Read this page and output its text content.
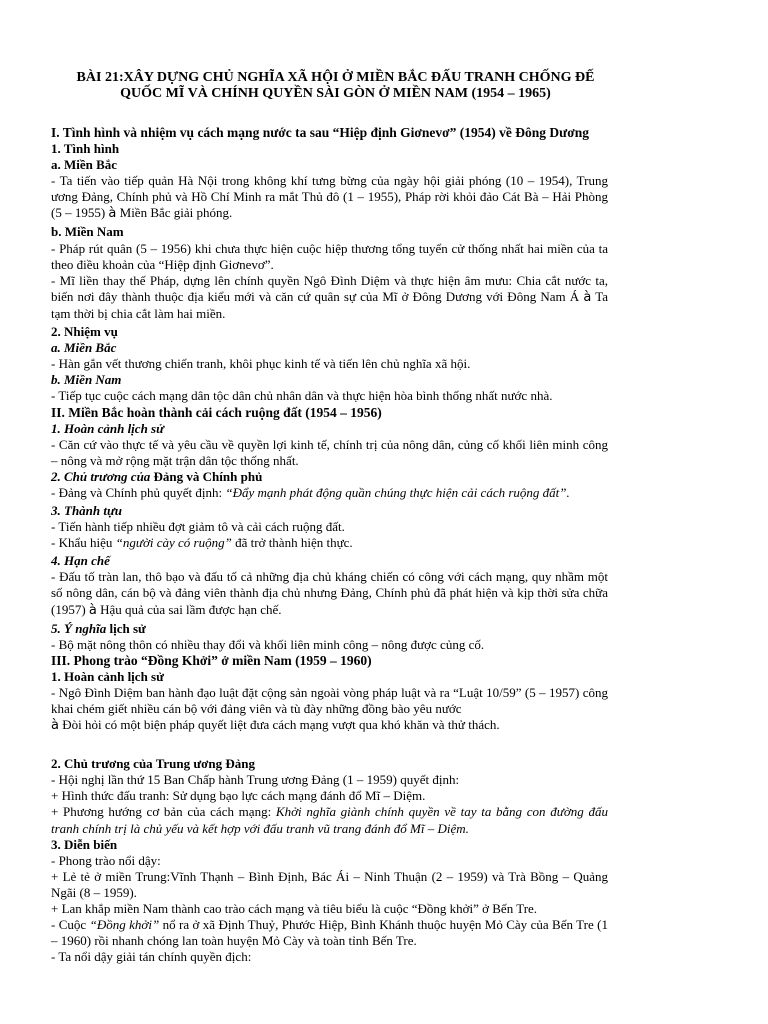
BÀI 21:XÂY DỰNG CHỦ NGHĨA XÃ HỘI Ở MIỀN BẮC ĐẤU TRANH CHỐNG ĐẾ
QUỐC MĨ VÀ CHÍNH QUYỀN SÀI GÒN Ở MIỀN NAM (1954 – 1965)
I. Tình hình và nhiệm vụ cách mạng nước ta sau “Hiệp định Giơnevơ” (1954) về Đông Dương
1. Tình hình
a. Miền Bắc
- Ta tiến vào tiếp quản Hà Nội trong không khí tưng bừng của ngày hội giải phóng (10 – 1954), Trung ương Đảng, Chính phủ và Hồ Chí Minh ra mắt Thủ đô (1 – 1955), Pháp rời khỏi đảo Cát Bà – Hải Phòng (5 – 1955) à Miền Bắc giải phóng.
b. Miền Nam
- Pháp rút quân (5 – 1956) khi chưa thực hiện cuộc hiệp thương tổng tuyển cử thống nhất hai miền của ta theo điều khoản của “Hiệp định Giơnevơ”.
- Mĩ liền thay thế Pháp, dựng lên chính quyền Ngô Đình Diệm và thực hiện âm mưu: Chia cắt nước ta, biến nơi đây thành thuộc địa kiểu mới và căn cứ quân sự của Mĩ ở Đông Dương với Đông Nam Á à Ta tạm thời bị chia cắt làm hai miền.
2. Nhiệm vụ
a. Miền Bắc
- Hàn gắn vết thương chiến tranh, khôi phục kinh tế và tiến lên chủ nghĩa xã hội.
b. Miền Nam
- Tiếp tục cuộc cách mạng dân tộc dân chủ nhân dân và thực hiện hòa bình thống nhất nước nhà.
II. Miền Bắc hoàn thành cải cách ruộng đất (1954 – 1956)
1. Hoàn cảnh lịch sử
- Căn cứ vào thực tế và yêu cầu về quyền lợi kinh tế, chính trị của nông dân, củng cố khối liên minh công – nông và mở rộng mặt trận dân tộc thống nhất.
2. Chủ trương của Đảng và Chính phủ
- Đảng và Chính phủ quyết định: “Đẩy mạnh phát động quần chúng thực hiện cải cách ruộng đất”.
3. Thành tựu
- Tiến hành tiếp nhiều đợt giảm tô và cải cách ruộng đất.
- Khẩu hiệu “người cày có ruộng” đã trở thành hiện thực.
4. Hạn chế
- Đấu tố tràn lan, thô bạo và đấu tố cả những địa chủ kháng chiến có công với cách mạng, quy nhầm một số nông dân, cán bộ và đảng viên thành địa chủ nhưng Đảng, Chính phủ đã phát hiện và kịp thời sửa chữa (1957) à Hậu quả của sai lầm được hạn chế.
5. Ý nghĩa lịch sử
- Bộ mặt nông thôn có nhiều thay đổi và khối liên minh công – nông được củng cố.
III. Phong trào “Đồng Khởi” ở miền Nam (1959 – 1960)
1. Hoàn cảnh lịch sử
- Ngô Đình Diệm ban hành đạo luật đặt cộng sản ngoài vòng pháp luật và ra “Luật 10/59” (5 – 1957) công khai chém giết nhiều cán bộ với đảng viên và tù đày những đồng bào yêu nước
à Đòi hỏi có một biện pháp quyết liệt đưa cách mạng vượt qua khó khăn và thử thách.
2. Chủ trương của Trung ương Đảng
- Hội nghị lần thứ 15 Ban Chấp hành Trung ương Đảng (1 – 1959) quyết định:
+ Hình thức đấu tranh: Sử dụng bạo lực cách mạng đánh đổ Mĩ – Diệm.
+ Phương hướng cơ bản của cách mạng: Khởi nghĩa giành chính quyền về tay ta bằng con đường đấu tranh chính trị là chủ yếu và kết hợp với đấu tranh vũ trang đánh đổ Mĩ – Diệm.
3. Diễn biến
- Phong trào nổi dậy:
+ Lẻ tẻ ở miền Trung:Vĩnh Thạnh – Bình Định, Bác Ái – Ninh Thuận (2 – 1959) và Trà Bồng – Quảng Ngãi (8 – 1959).
+ Lan khắp miền Nam thành cao trào cách mạng và tiêu biểu là cuộc “Đồng khởi” ở Bến Tre.
- Cuộc “Đồng khởi” nổ ra ở xã Định Thuỷ, Phước Hiệp, Bình Khánh thuộc huyện Mỏ Cày của Bến Tre (1 – 1960) rồi nhanh chóng lan toàn huyện Mỏ Cày và toàn tỉnh Bến Tre.
- Ta nổi dậy giải tán chính quyền địch:
